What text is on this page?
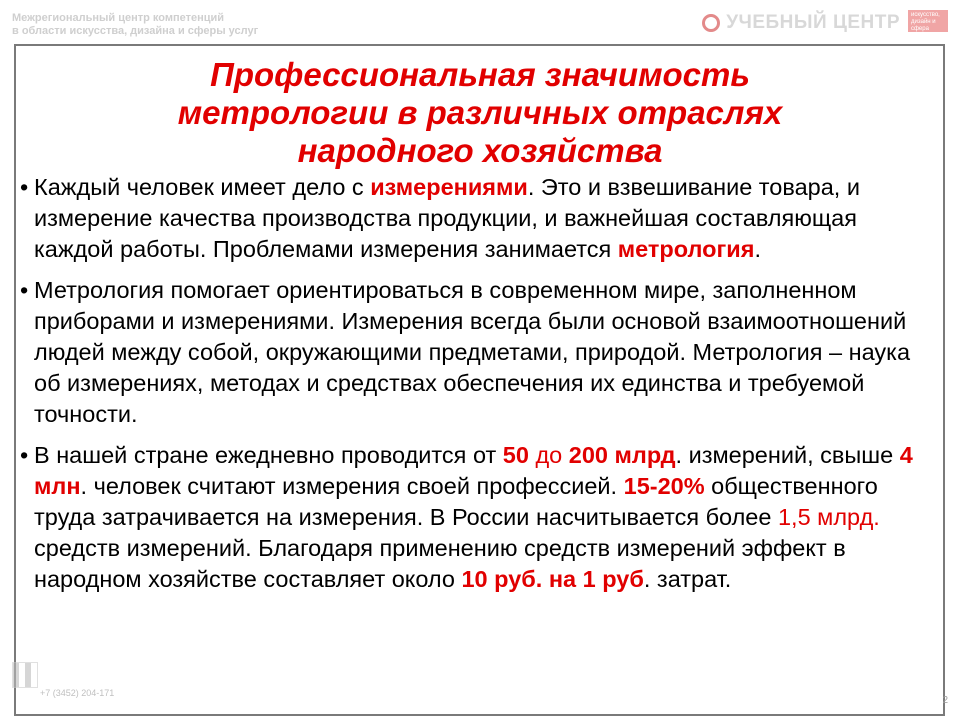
Межрегиональный центр компетенций
в области искусства, дизайна и сферы услуг	УЧЕБНЫЙ ЦЕНТР	искусство, дизайн и сфера услуг
Профессиональная значимость
метрологии в различных отраслях
народного хозяйства
• Каждый человек имеет дело с измерениями. Это и взвешивание товара, и измерение качества производства продукции, и важнейшая составляющая каждой работы. Проблемами измерения занимается метрология.
• Метрология помогает ориентироваться в современном мире, заполненном приборами и измерениями. Измерения всегда были основой взаимоотношений людей между собой, окружающими предметами, природой. Метрология – наука об измерениях, методах и средствах обеспечения их единства и требуемой точности.
• В нашей стране ежедневно проводится от 50 до 200 млрд. измерений, свыше 4 млн. человек считают измерения своей профессией. 15-20% общественного труда затрачивается на измерения. В России насчитывается более 1,5 млрд. средств измерений. Благодаря применению средств измерений эффект в народном хозяйстве составляет около 10 руб. на 1 руб. затрат.
+7 (3452) 204-171
2
